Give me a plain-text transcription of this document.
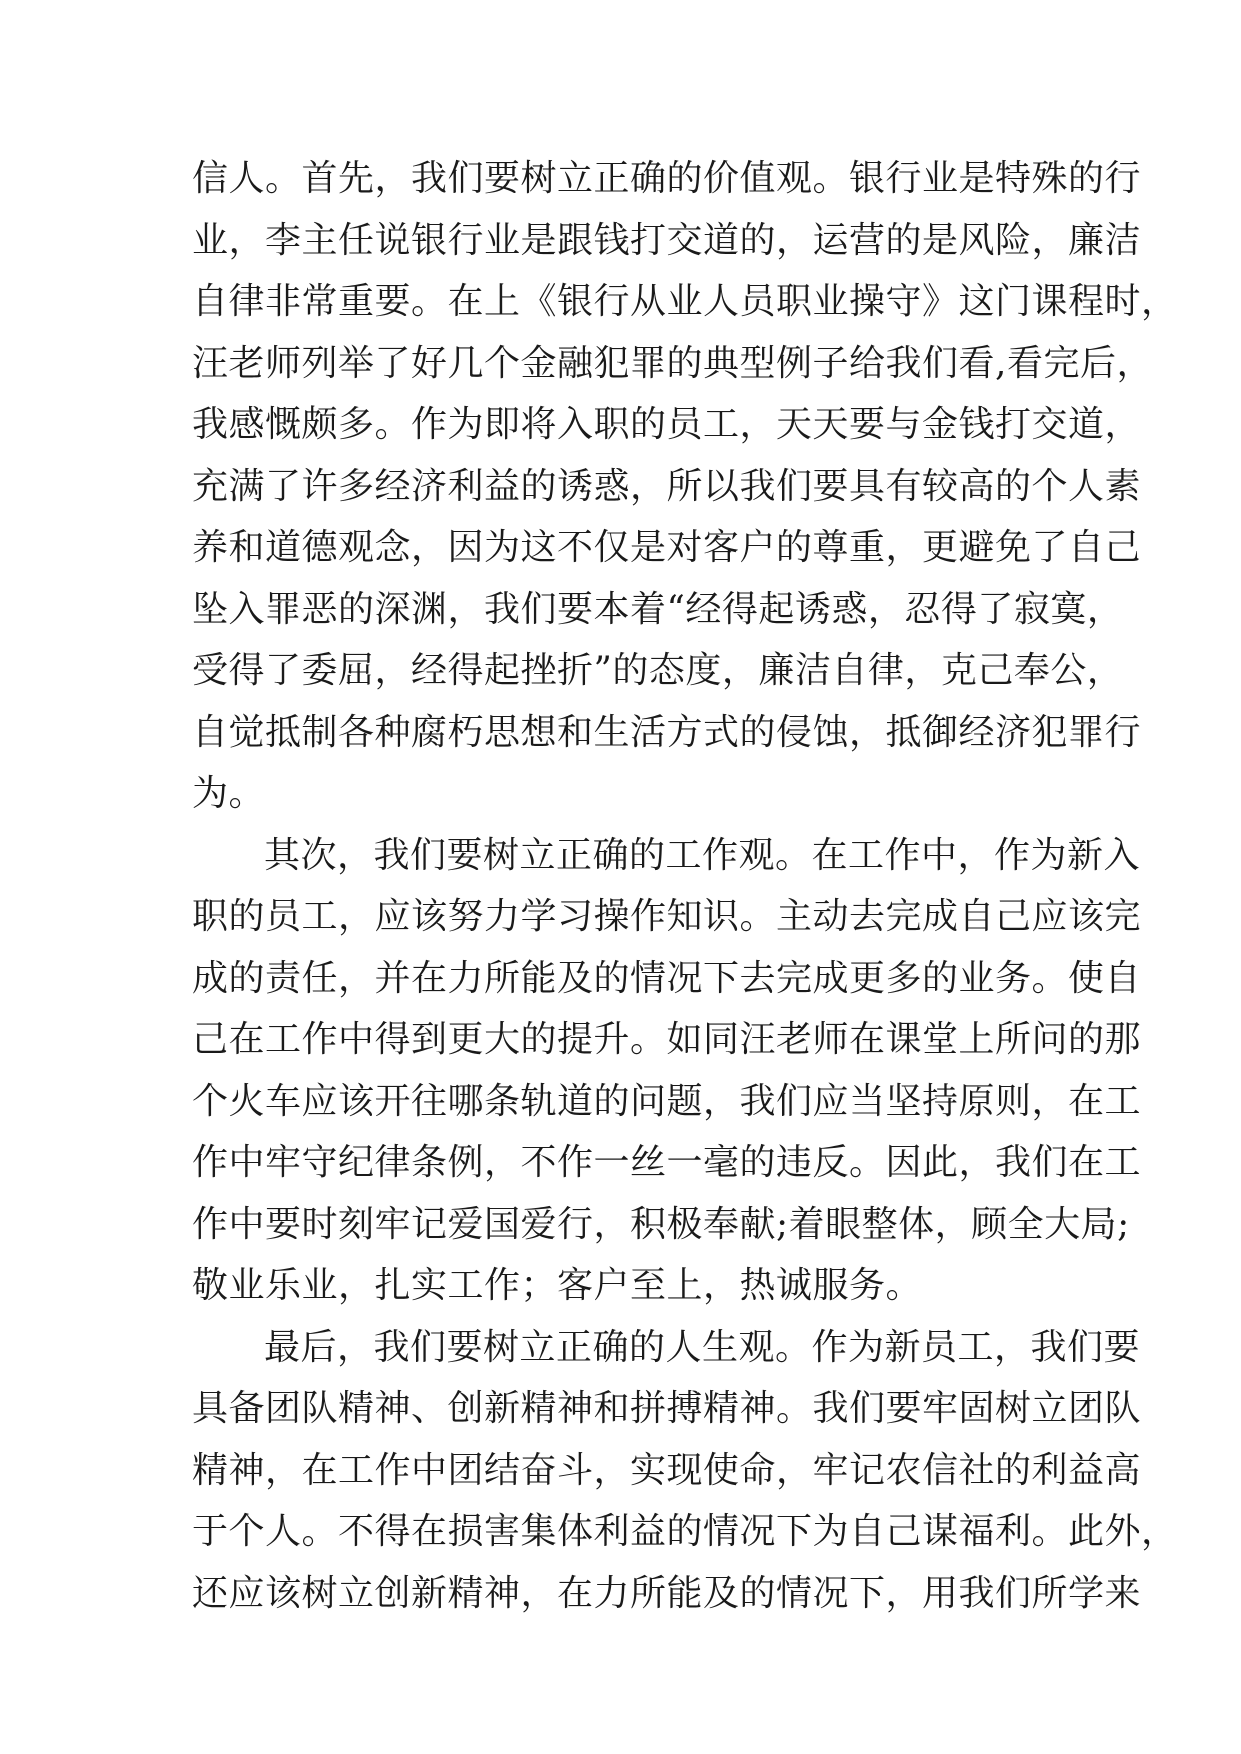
信人。首先，我们要树立正确的价值观。银行业是特殊的行
业，李主任说银行业是跟钱打交道的，运营的是风险，廉洁
自律非常重要。在上《银行从业人员职业操守》这门课程时，
汪老师列举了好几个金融犯罪的典型例子给我们看,看完后，
我感慨颇多。作为即将入职的员工，天天要与金钱打交道，
充满了许多经济利益的诱惑，所以我们要具有较高的个人素
养和道德观念，因为这不仅是对客户的尊重，更避免了自己
坠入罪恶的深渊，我们要本着“经得起诱惑，忍得了寂寞，
受得了委屈，经得起挫折”的态度，廉洁自律，克己奉公，
自觉抵制各种腐朽思想和生活方式的侵蚀，抵御经济犯罪行
为。
其次，我们要树立正确的工作观。在工作中，作为新入
职的员工，应该努力学习操作知识。主动去完成自己应该完
成的责任，并在力所能及的情况下去完成更多的业务。使自
己在工作中得到更大的提升。如同汪老师在课堂上所问的那
个火车应该开往哪条轨道的问题，我们应当坚持原则，在工
作中牢守纪律条例，不作一丝一毫的违反。因此，我们在工
作中要时刻牢记爱国爱行，积极奉献;着眼整体，顾全大局;
敬业乐业，扎实工作；客户至上，热诚服务。
最后，我们要树立正确的人生观。作为新员工，我们要
具备团队精神、创新精神和拼搏精神。我们要牢固树立团队
精神，在工作中团结奋斗，实现使命，牢记农信社的利益高
于个人。不得在损害集体利益的情况下为自己谋福利。此外，
还应该树立创新精神，在力所能及的情况下，用我们所学来
